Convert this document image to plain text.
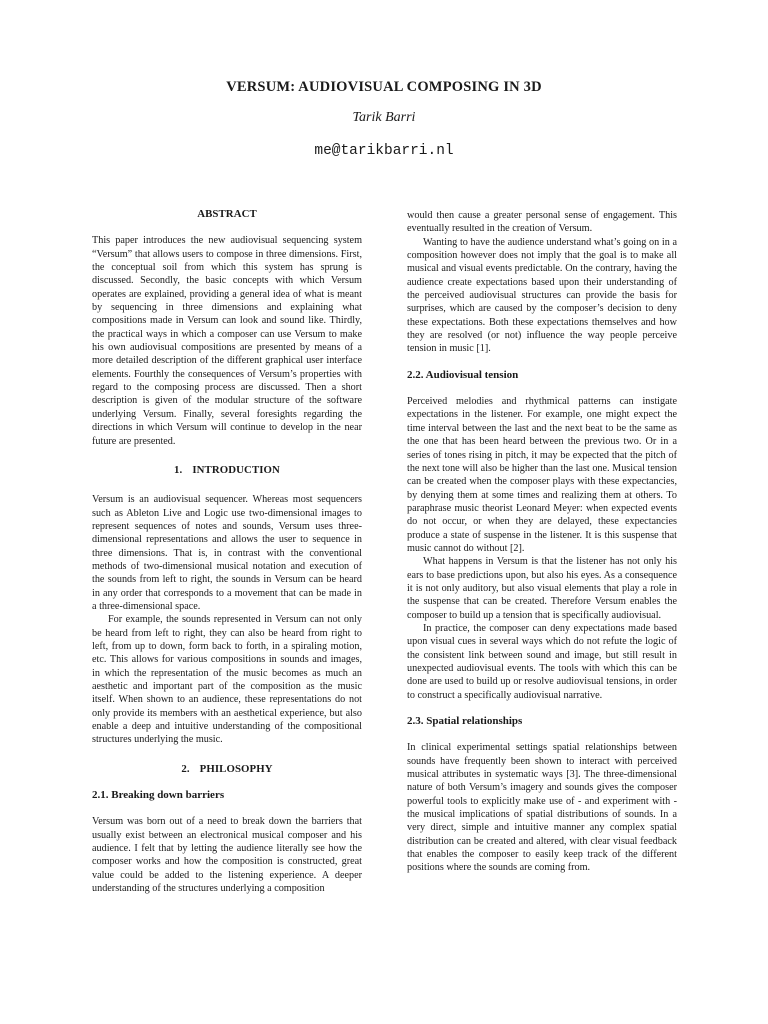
VERSUM: AUDIOVISUAL COMPOSING IN 3D
Tarik Barri
me@tarikbarri.nl
ABSTRACT

This paper introduces the new audiovisual sequencing system “Versum” that allows users to compose in three dimensions. First, the conceptual soil from which this system has sprung is discussed. Secondly, the basic concepts with which Versum operates are explained, providing a general idea of what is meant by sequencing in three dimensions and explaining what compositions made in Versum can look and sound like. Thirdly, the practical ways in which a composer can use Versum to make his own audiovisual compositions are presented by means of a more detailed description of the different graphical user interface elements. Fourthly the consequences of Versum’s properties with regard to the composing process are discussed. Then a short description is given of the modular structure of the software underlying Versum. Finally, several foresights regarding the directions in which Versum will continue to develop in the near future are presented.

1. INTRODUCTION

Versum is an audiovisual sequencer. Whereas most sequencers such as Ableton Live and Logic use two-dimensional images to represent sequences of notes and sounds, Versum uses three-dimensional representations and allows the user to sequence in three dimensions. That is, in contrast with the conventional methods of two-dimensional musical notation and execution of the sounds from left to right, the sounds in Versum can be heard in any order that corresponds to a movement that can be made in a three-dimensional space.

For example, the sounds represented in Versum can not only be heard from left to right, they can also be heard from right to left, from up to down, form back to forth, in a spiraling motion, etc. This allows for various compositions in sounds and images, in which the representation of the music becomes as much an aesthetic and important part of the composition as the music itself. When shown to an audience, these representations do not only provide its members with an aesthetical experience, but also enable a deep and intuitive understanding of the compositional structures underlying the music.

2. PHILOSOPHY
2.1. Breaking down barriers

Versum was born out of a need to break down the barriers that usually exist between an electronical musical composer and his audience. I felt that by letting the audience literally see how the composer works and how the composition is constructed, great value could be added to the listening experience. A deeper understanding of the structures underlying a composition

would then cause a greater personal sense of engagement. This eventually resulted in the creation of Versum.

Wanting to have the audience understand what’s going on in a composition however does not imply that the goal is to make all musical and visual events predictable. On the contrary, having the audience create expectations based upon their understanding of the perceived audiovisual structures can provide the basis for surprises, which are caused by the composer’s decision to deny these expectations. Both these expectations themselves and how they are resolved (or not) influence the way people perceive tension in music [1].

2.2. Audiovisual tension

Perceived melodies and rhythmical patterns can instigate expectations in the listener. For example, one might expect the time interval between the last and the next beat to be the same as the one that has been heard between the previous two. Or in a series of tones rising in pitch, it may be expected that the pitch of the next tone will also be higher than the last one. Musical tension can be created when the composer plays with these expectancies, by denying them at some times and realizing them at others. To paraphrase music theorist Leonard Meyer: when expected events do not occur, or when they are delayed, these expectancies produce a state of suspense in the listener. It is this suspense that music cannot do without [2].

What happens in Versum is that the listener has not only his ears to base predictions upon, but also his eyes. As a consequence it is not only auditory, but also visual elements that play a role in the suspense that can be created. Therefore Versum enables the composer to build up a tension that is specifically audiovisual.

In practice, the composer can deny expectations made based upon visual cues in several ways which do not refute the logic of the consistent link between sound and image, but still result in unexpected audiovisual events. The tools with which this can be done are used to build up or resolve audiovisual tensions, in order to construct a specifically audiovisual narrative.

2.3. Spatial relationships

In clinical experimental settings spatial relationships between sounds have frequently been shown to interact with perceived musical attributes in systematic ways [3]. The three-dimensional nature of both Versum’s imagery and sounds gives the composer powerful tools to explicitly make use of - and experiment with - the musical implications of spatial distributions of sounds. In a very direct, simple and intuitive manner any complex spatial distribution can be created and altered, with clear visual feedback that enables the composer to easily keep track of the different positions where the sounds are coming from.
